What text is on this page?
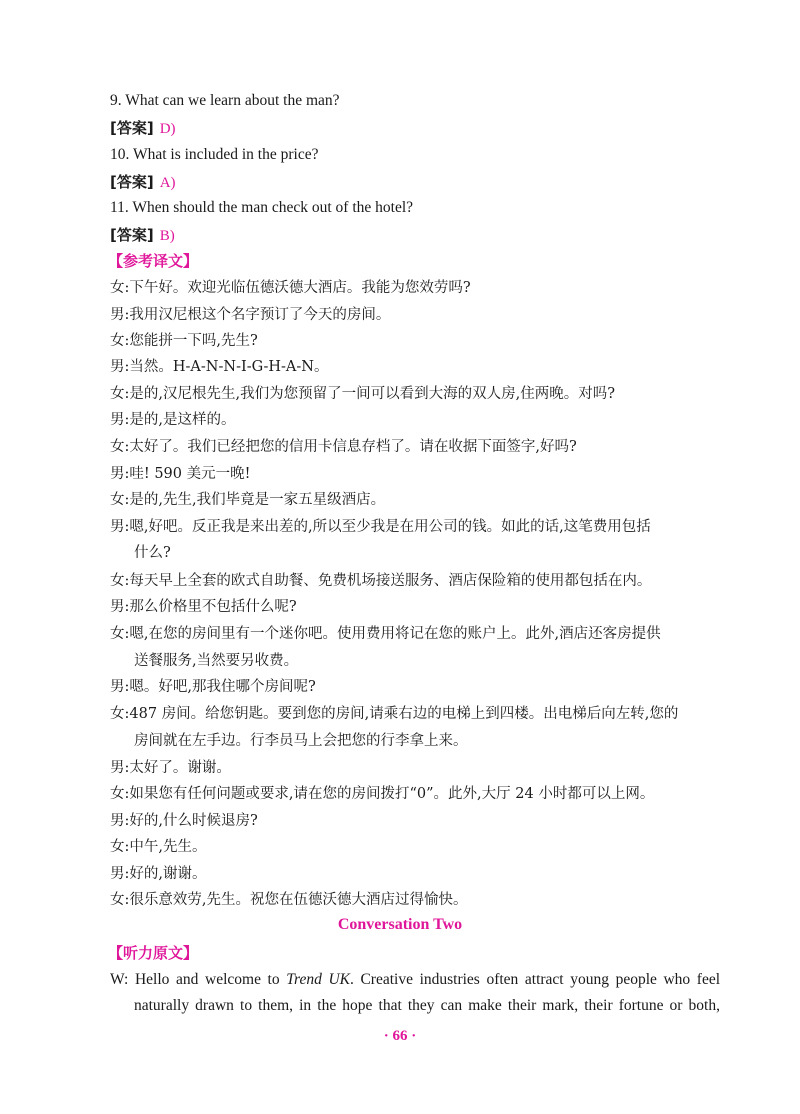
9. What can we learn about the man?
[答案] D)
10. What is included in the price?
[答案] A)
11. When should the man check out of the hotel?
[答案] B)
【参考译文】
女:下午好。欢迎光临伍德沃德大酒店。我能为您效劳吗?
男:我用汉尼根这个名字预订了今天的房间。
女:您能拼一下吗,先生?
男:当然。H-A-N-N-I-G-H-A-N。
女:是的,汉尼根先生,我们为您预留了一间可以看到大海的双人房,住两晚。对吗?
男:是的,是这样的。
女:太好了。我们已经把您的信用卡信息存档了。请在收据下面签字,好吗?
男:哇! 590 美元一晚!
女:是的,先生,我们毕竟是一家五星级酒店。
男:嗯,好吧。反正我是来出差的,所以至少我是在用公司的钱。如此的话,这笔费用包括
什么?
女:每天早上全套的欧式自助餐、免费机场接送服务、酒店保险箱的使用都包括在内。
男:那么价格里不包括什么呢?
女:嗯,在您的房间里有一个迷你吧。使用费用将记在您的账户上。此外,酒店还客房提供
送餐服务,当然要另收费。
男:嗯。好吧,那我住哪个房间呢?
女:487 房间。给您钥匙。要到您的房间,请乘右边的电梯上到四楼。出电梯后向左转,您的
房间就在左手边。行李员马上会把您的行李拿上来。
男:太好了。谢谢。
女:如果您有任何问题或要求,请在您的房间拨打“0”。此外,大厅 24 小时都可以上网。
男:好的,什么时候退房?
女:中午,先生。
男:好的,谢谢。
女:很乐意效劳,先生。祝您在伍德沃德大酒店过得愉快。
Conversation Two
【听力原文】
W: Hello and welcome to Trend UK. Creative industries often attract young people who feel
naturally drawn to them, in the hope that they can make their mark, their fortune or both,
· 66 ·
